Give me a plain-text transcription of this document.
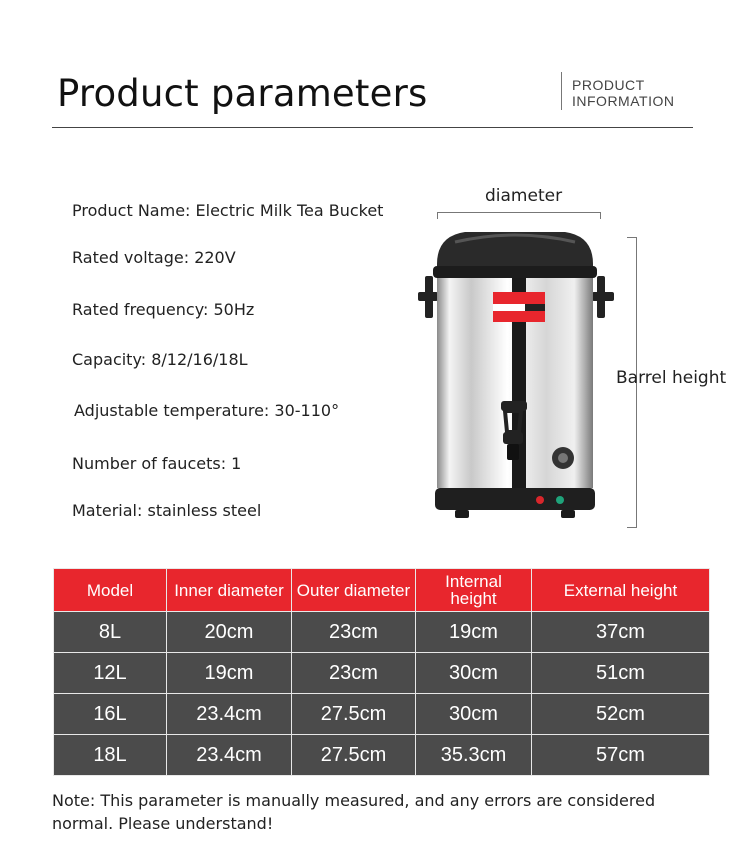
Product parameters	PRODUCT
INFORMATION
Product Name: Electric Milk Tea Bucket
Rated voltage: 220V
Rated frequency: 50Hz
Capacity: 8/12/16/18L
Adjustable temperature: 30-110°
Number of faucets: 1
Material: stainless steel
diameter
Barrel height
Model	Inner diameter	Outer diameter	Internal height	External height
8L	20cm	23cm	19cm	37cm
12L	19cm	23cm	30cm	51cm
16L	23.4cm	27.5cm	30cm	52cm
18L	23.4cm	27.5cm	35.3cm	57cm

Note: This parameter is manually measured, and any errors are considered normal. Please understand!
